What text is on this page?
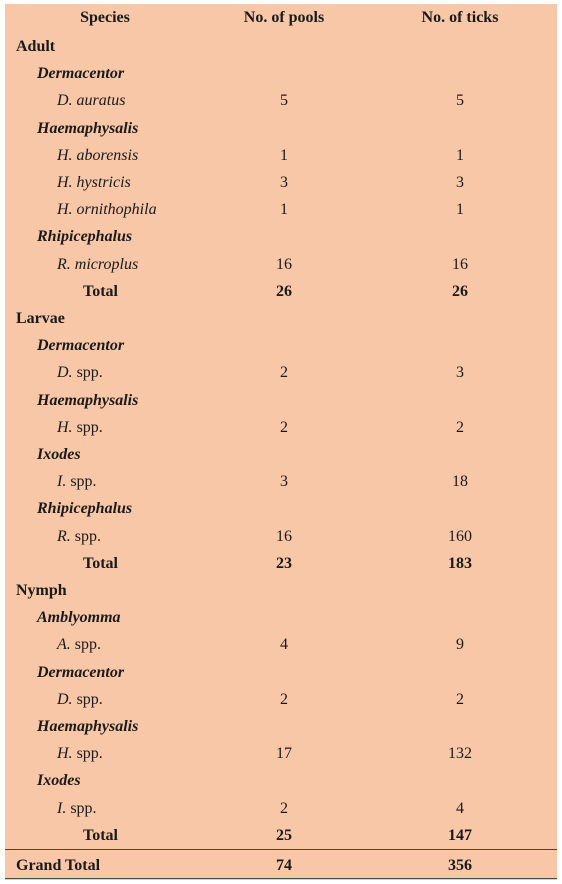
Species	No. of pools	No. of ticks
Adult
Dermacentor
D. auratus	5	5
Haemaphysalis
H. aborensis	1	1
H. hystricis	3	3
H. ornithophila	1	1
Rhipicephalus
R. microplus	16	16
Total	26	26
Larvae
Dermacentor
D. spp.	2	3
Haemaphysalis
H. spp.	2	2
Ixodes
I. spp.	3	18
Rhipicephalus
R. spp.	16	160
Total	23	183
Nymph
Amblyomma
A. spp.	4	9
Dermacentor
D. spp.	2	2
Haemaphysalis
H. spp.	17	132
Ixodes
I. spp.	2	4
Total	25	147
Grand Total	74	356
